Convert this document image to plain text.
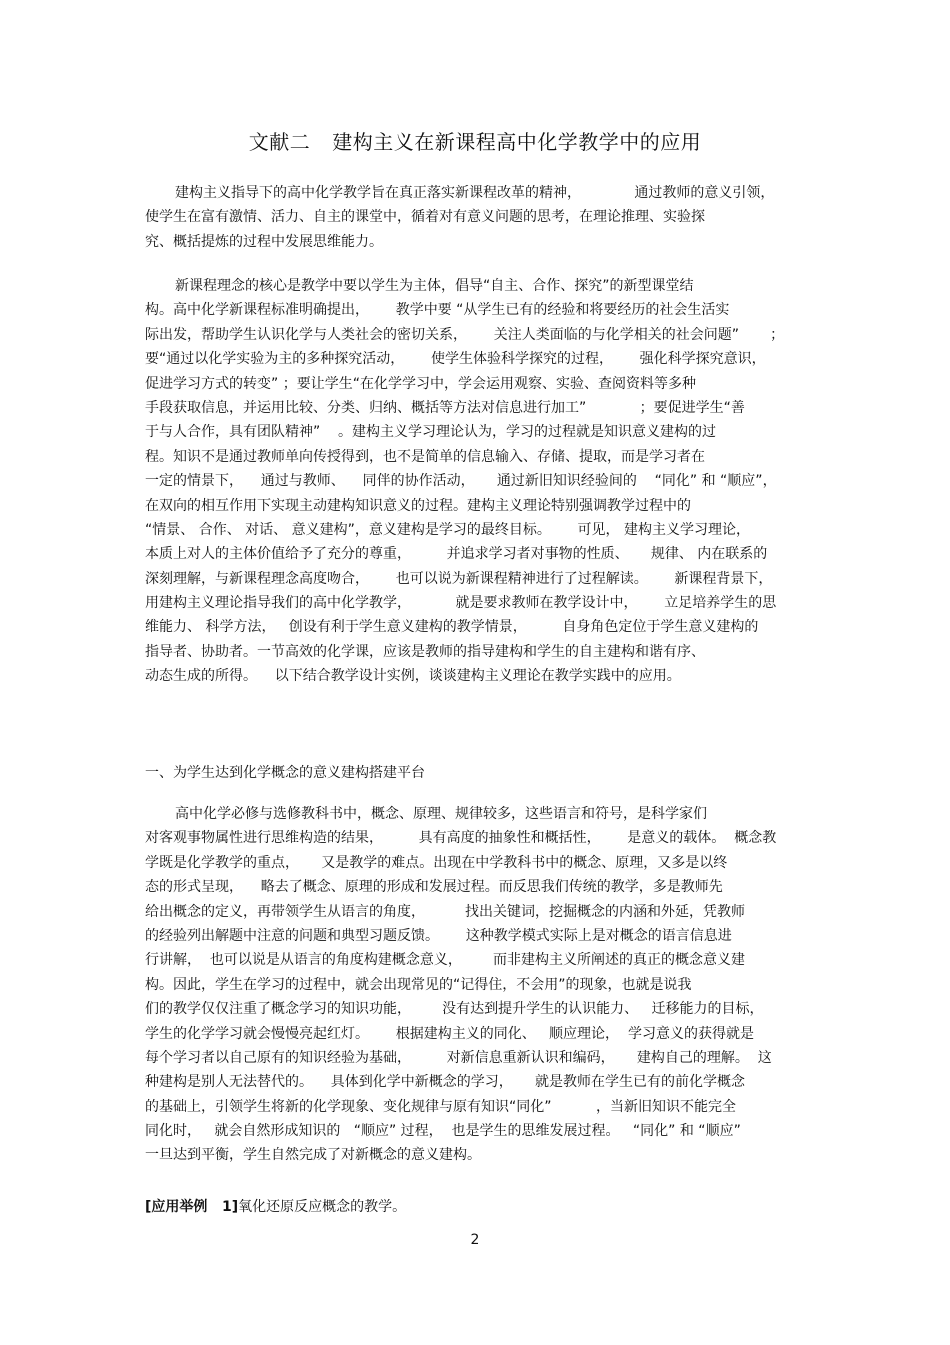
文献二 建构主义在新课程高中化学教学中的应用
建构主义指导下的高中化学教学旨在真正落实新课程改革的精神，            通过教师的意义引领，
使学生在富有激情、活力、自主的课堂中，循着对有意义问题的思考，在理论推理、实验探
究、概括提炼的过程中发展思维能力。
新课程理念的核心是教学中要以学生为主体，倡导“自主、合作、探究”的新型课堂结
构。高中化学新课程标准明确提出，      教学中要 “从学生已有的经验和将要经历的社会生活实
际出发，帮助学生认识化学与人类社会的密切关系，      关注人类面临的与化学相关的社会问题”       ；
要“通过以化学实验为主的多种探究活动，      使学生体验科学探究的过程，      强化科学探究意识，
促进学习方式的转变” ；要让学生“在化学学习中，学会运用观察、实验、查阅资料等多种
手段获取信息，并运用比较、分类、归纳、概括等方法对信息进行加工”            ；要促进学生“善
于与人合作，具有团队精神”    。建构主义学习理论认为，学习的过程就是知识意义建构的过
程。知识不是通过教师单向传授得到，也不是简单的信息输入、存储、提取，而是学习者在
一定的情景下，    通过与教师、    同伴的协作活动，     通过新旧知识经验间的    “同化” 和 “顺应”，
在双向的相互作用下实现主动建构知识意义的过程。建构主义理论特别强调教学过程中的
“情景、 合作、 对话、 意义建构”，意义建构是学习的最终目标。      可见， 建构主义学习理论，
本质上对人的主体价值给予了充分的尊重，        并追求学习者对事物的性质、     规律、 内在联系的
深刻理解，与新课程理念高度吻合，      也可以说为新课程精神进行了过程解读。      新课程背景下，
用建构主义理论指导我们的高中化学教学，          就是要求教师在教学设计中，      立足培养学生的思
维能力、 科学方法，   创设有利于学生意义建构的教学情景，        自身角色定位于学生意义建构的
指导者、协助者。一节高效的化学课，应该是教师的指导建构和学生的自主建构和谐有序、
动态生成的所得。    以下结合教学设计实例，谈谈建构主义理论在教学实践中的应用。
一、为学生达到化学概念的意义建构搭建平台
高中化学必修与选修教科书中，概念、原理、规律较多，这些语言和符号，是科学家们
对客观事物属性进行思维构造的结果，        具有高度的抽象性和概括性，      是意义的载体。  概念教
学既是化学教学的重点，     又是教学的难点。出现在中学教科书中的概念、原理，又多是以终
态的形式呈现，    略去了概念、原理的形成和发展过程。而反思我们传统的教学，多是教师先
给出概念的定义，再带领学生从语言的角度，         找出关键词，挖掘概念的内涵和外延，凭教师
的经验列出解题中注意的问题和典型习题反馈。      这种教学模式实际上是对概念的语言信息进
行讲解，  也可以说是从语言的角度构建概念意义，       而非建构主义所阐述的真正的概念意义建
构。因此，学生在学习的过程中，就会出现常见的“记得住，不会用”的现象，也就是说我
们的教学仅仅注重了概念学习的知识功能，       没有达到提升学生的认识能力、   迁移能力的目标，
学生的化学学习就会慢慢亮起红灯。      根据建构主义的同化、   顺应理论，  学习意义的获得就是
每个学习者以自己原有的知识经验为基础，        对新信息重新认识和编码，     建构自己的理解。  这
种建构是别人无法替代的。    具体到化学中新概念的学习，     就是教师在学生已有的前化学概念
的基础上，引领学生将新的化学现象、变化规律与原有知识“同化”          ，当新旧知识不能完全
同化时，   就会自然形成知识的   “顺应” 过程，  也是学生的思维发展过程。   “同化” 和 “顺应”
一旦达到平衡，学生自然完成了对新概念的意义建构。
[应用举例   1]氧化还原反应概念的教学。
2
